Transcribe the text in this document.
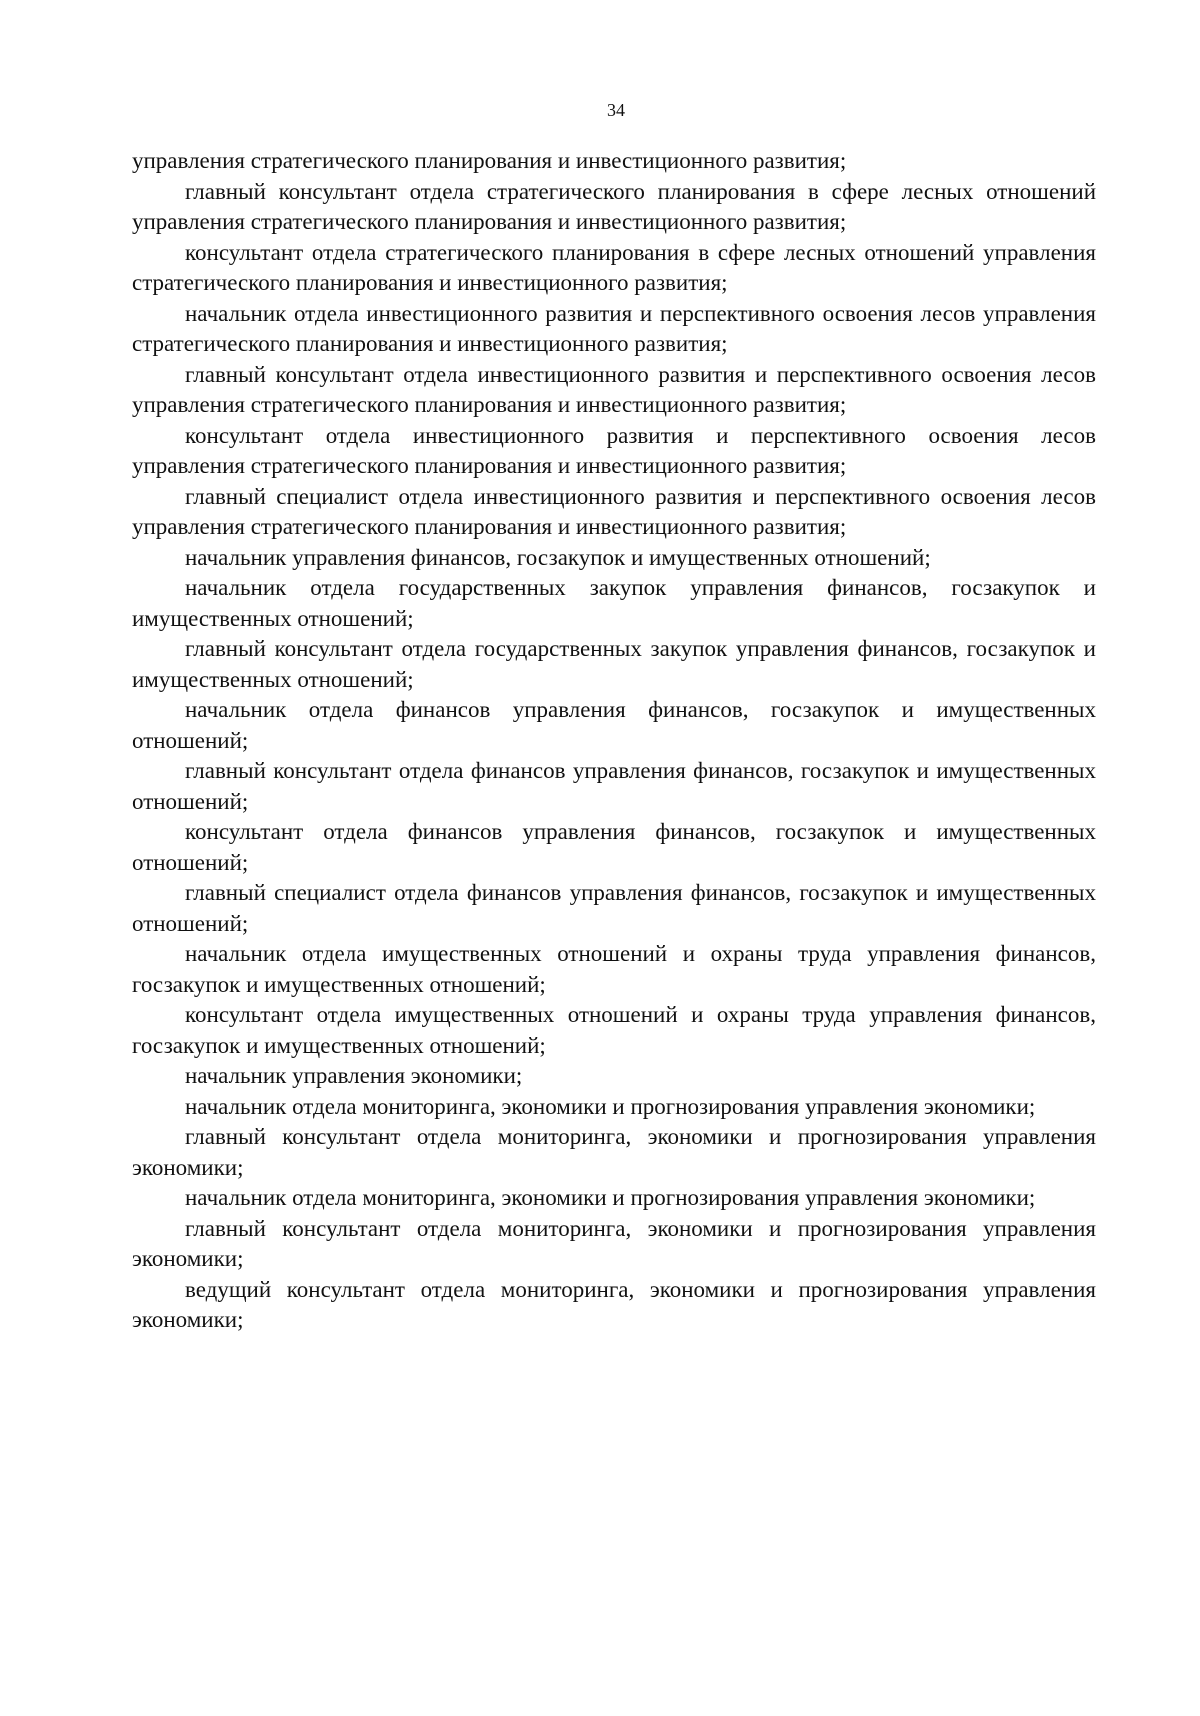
34

управления стратегического планирования и инвестиционного развития;

главный консультант отдела стратегического планирования в сфере лесных отношений управления стратегического планирования и инвестиционного развития;

консультант отдела стратегического планирования в сфере лесных отношений управления стратегического планирования и инвестиционного развития;

начальник отдела инвестиционного развития и перспективного освоения лесов управления стратегического планирования и инвестиционного развития;

главный консультант отдела инвестиционного развития и перспективного освоения лесов управления стратегического планирования и инвестиционного развития;

консультант отдела инвестиционного развития и перспективного освоения лесов управления стратегического планирования и инвестиционного развития;

главный специалист отдела инвестиционного развития и перспективного освоения лесов управления стратегического планирования и инвестиционного развития;

начальник управления финансов, госзакупок и имущественных отношений;

начальник отдела государственных закупок управления финансов, госзакупок и имущественных отношений;

главный консультант отдела государственных закупок управления финансов, госзакупок и имущественных отношений;

начальник отдела финансов управления финансов, госзакупок и имущественных отношений;

главный консультант отдела финансов управления финансов, госзакупок и имущественных отношений;

консультант отдела финансов управления финансов, госзакупок и имущественных отношений;

главный специалист отдела финансов управления финансов, госзакупок и имущественных отношений;

начальник отдела имущественных отношений и охраны труда управления финансов, госзакупок и имущественных отношений;

консультант отдела имущественных отношений и охраны труда управления финансов, госзакупок и имущественных отношений;

начальник управления экономики;

начальник отдела мониторинга, экономики и прогнозирования управления экономики;

главный консультант отдела мониторинга, экономики и прогнозирования управления экономики;

начальник отдела мониторинга, экономики и прогнозирования управления экономики;

главный консультант отдела мониторинга, экономики и прогнозирования управления экономики;

ведущий консультант отдела мониторинга, экономики и прогнозирования управления экономики;
